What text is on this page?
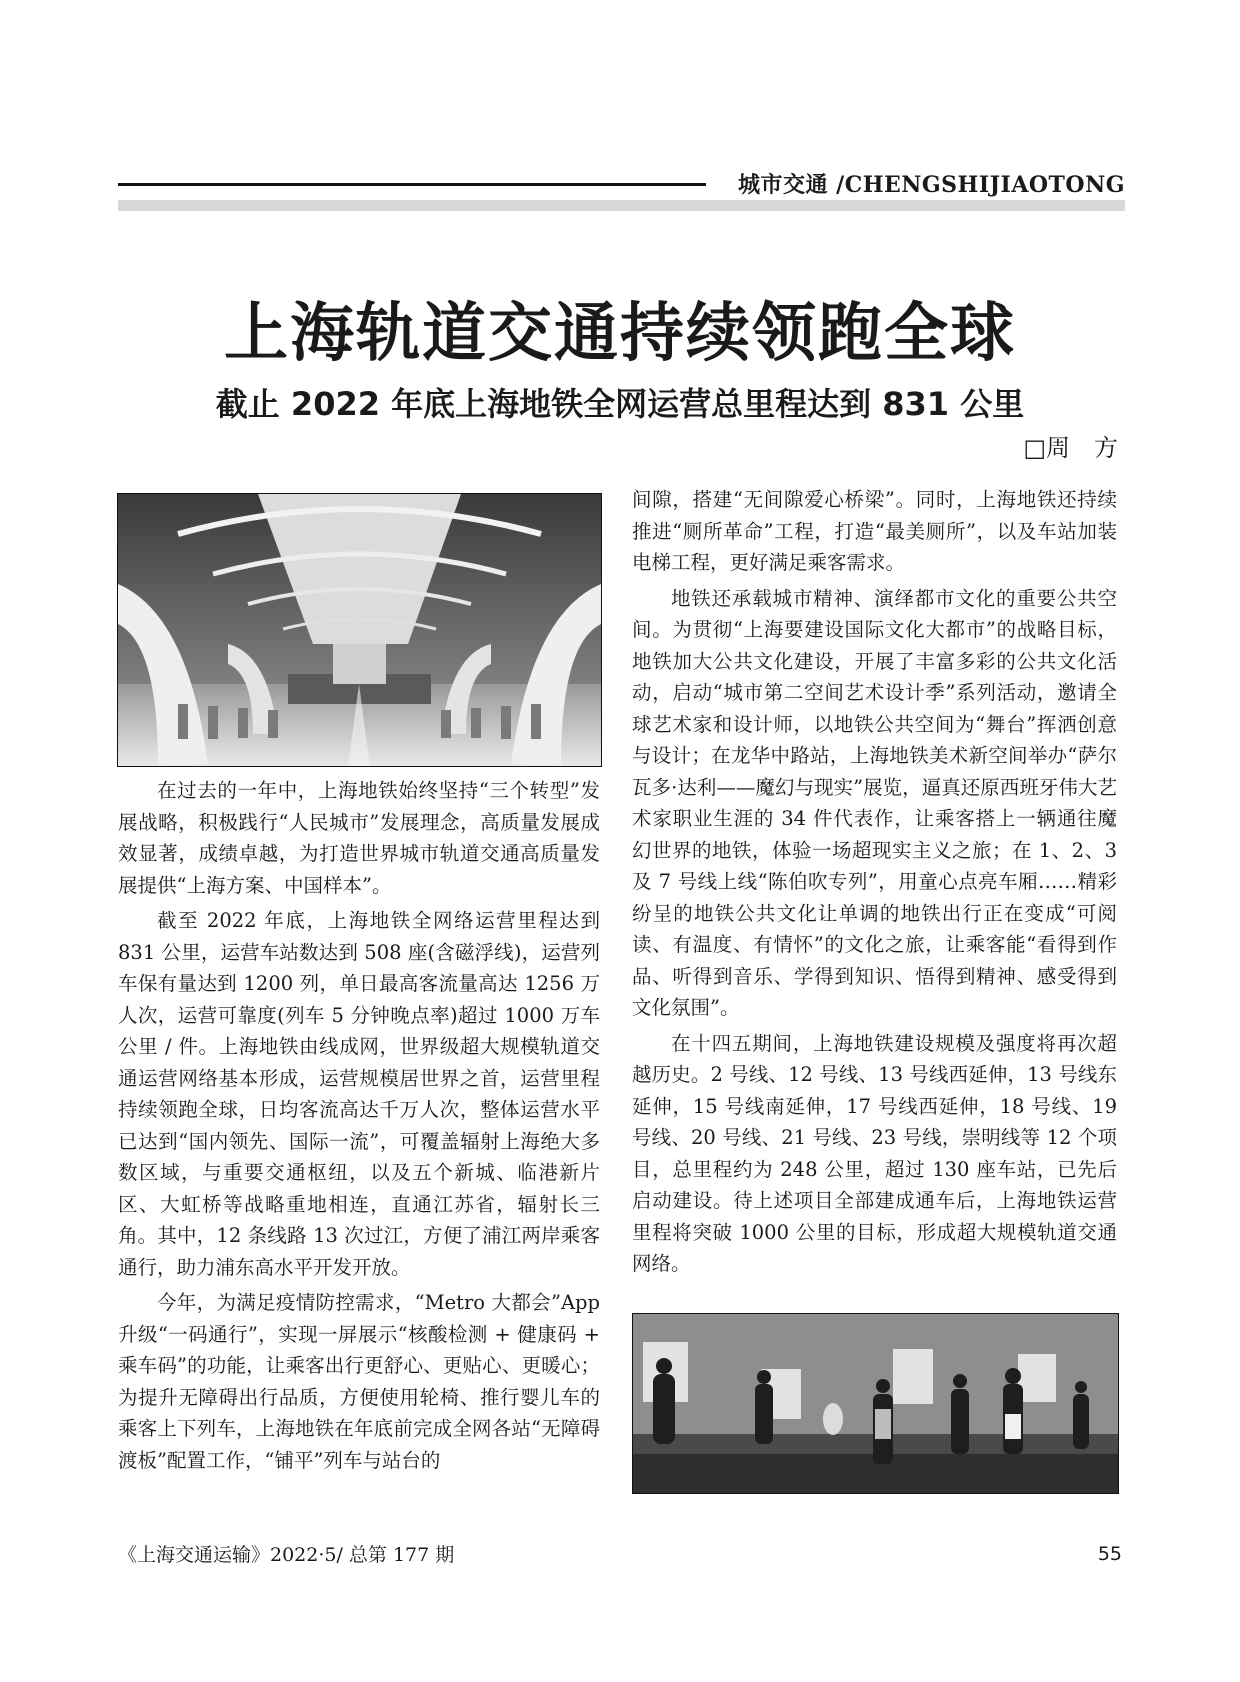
城市交通 /CHENGSHIJIAOTONG
上海轨道交通持续领跑全球
截止 2022 年底上海地铁全网运营总里程达到 831 公里
□周　方

在过去的一年中，上海地铁始终坚持“三个转型”发展战略，积极践行“人民城市”发展理念，高质量发展成效显著，成绩卓越，为打造世界城市轨道交通高质量发展提供“上海方案、中国样本”。

截至 2022 年底，上海地铁全网络运营里程达到 831 公里，运营车站数达到 508 座(含磁浮线)，运营列车保有量达到 1200 列，单日最高客流量高达 1256 万人次，运营可靠度(列车 5 分钟晚点率)超过 1000 万车公里 / 件。上海地铁由线成网，世界级超大规模轨道交通运营网络基本形成，运营规模居世界之首，运营里程持续领跑全球，日均客流高达千万人次，整体运营水平已达到“国内领先、国际一流”，可覆盖辐射上海绝大多数区域，与重要交通枢纽，以及五个新城、临港新片区、大虹桥等战略重地相连，直通江苏省，辐射长三角。其中，12 条线路 13 次过江，方便了浦江两岸乘客通行，助力浦东高水平开发开放。

今年，为满足疫情防控需求，“Metro 大都会”App 升级“一码通行”，实现一屏展示“核酸检测 + 健康码 + 乘车码”的功能，让乘客出行更舒心、更贴心、更暖心；为提升无障碍出行品质，方便使用轮椅、推行婴儿车的乘客上下列车，上海地铁在年底前完成全网各站“无障碍渡板”配置工作，“铺平”列车与站台的

间隙，搭建“无间隙爱心桥梁”。同时，上海地铁还持续推进“厕所革命”工程，打造“最美厕所”，以及车站加装电梯工程，更好满足乘客需求。

地铁还承载城市精神、演绎都市文化的重要公共空间。为贯彻“上海要建设国际文化大都市”的战略目标，地铁加大公共文化建设，开展了丰富多彩的公共文化活动，启动“城市第二空间艺术设计季”系列活动，邀请全球艺术家和设计师，以地铁公共空间为“舞台”挥洒创意与设计；在龙华中路站，上海地铁美术新空间举办“萨尔瓦多·达利——魔幻与现实”展览，逼真还原西班牙伟大艺术家职业生涯的 34 件代表作，让乘客搭上一辆通往魔幻世界的地铁，体验一场超现实主义之旅；在 1、2、3 及 7 号线上线“陈伯吹专列”，用童心点亮车厢……精彩纷呈的地铁公共文化让单调的地铁出行正在变成“可阅读、有温度、有情怀”的文化之旅，让乘客能“看得到作品、听得到音乐、学得到知识、悟得到精神、感受得到文化氛围”。

在十四五期间，上海地铁建设规模及强度将再次超越历史。2 号线、12 号线、13 号线西延伸，13 号线东延伸，15 号线南延伸，17 号线西延伸，18 号线、19 号线、20 号线、21 号线、23 号线，崇明线等 12 个项目，总里程约为 248 公里，超过 130 座车站，已先后启动建设。待上述项目全部建成通车后，上海地铁运营里程将突破 1000 公里的目标，形成超大规模轨道交通网络。

《上海交通运输》2022·5/ 总第 177 期	55
